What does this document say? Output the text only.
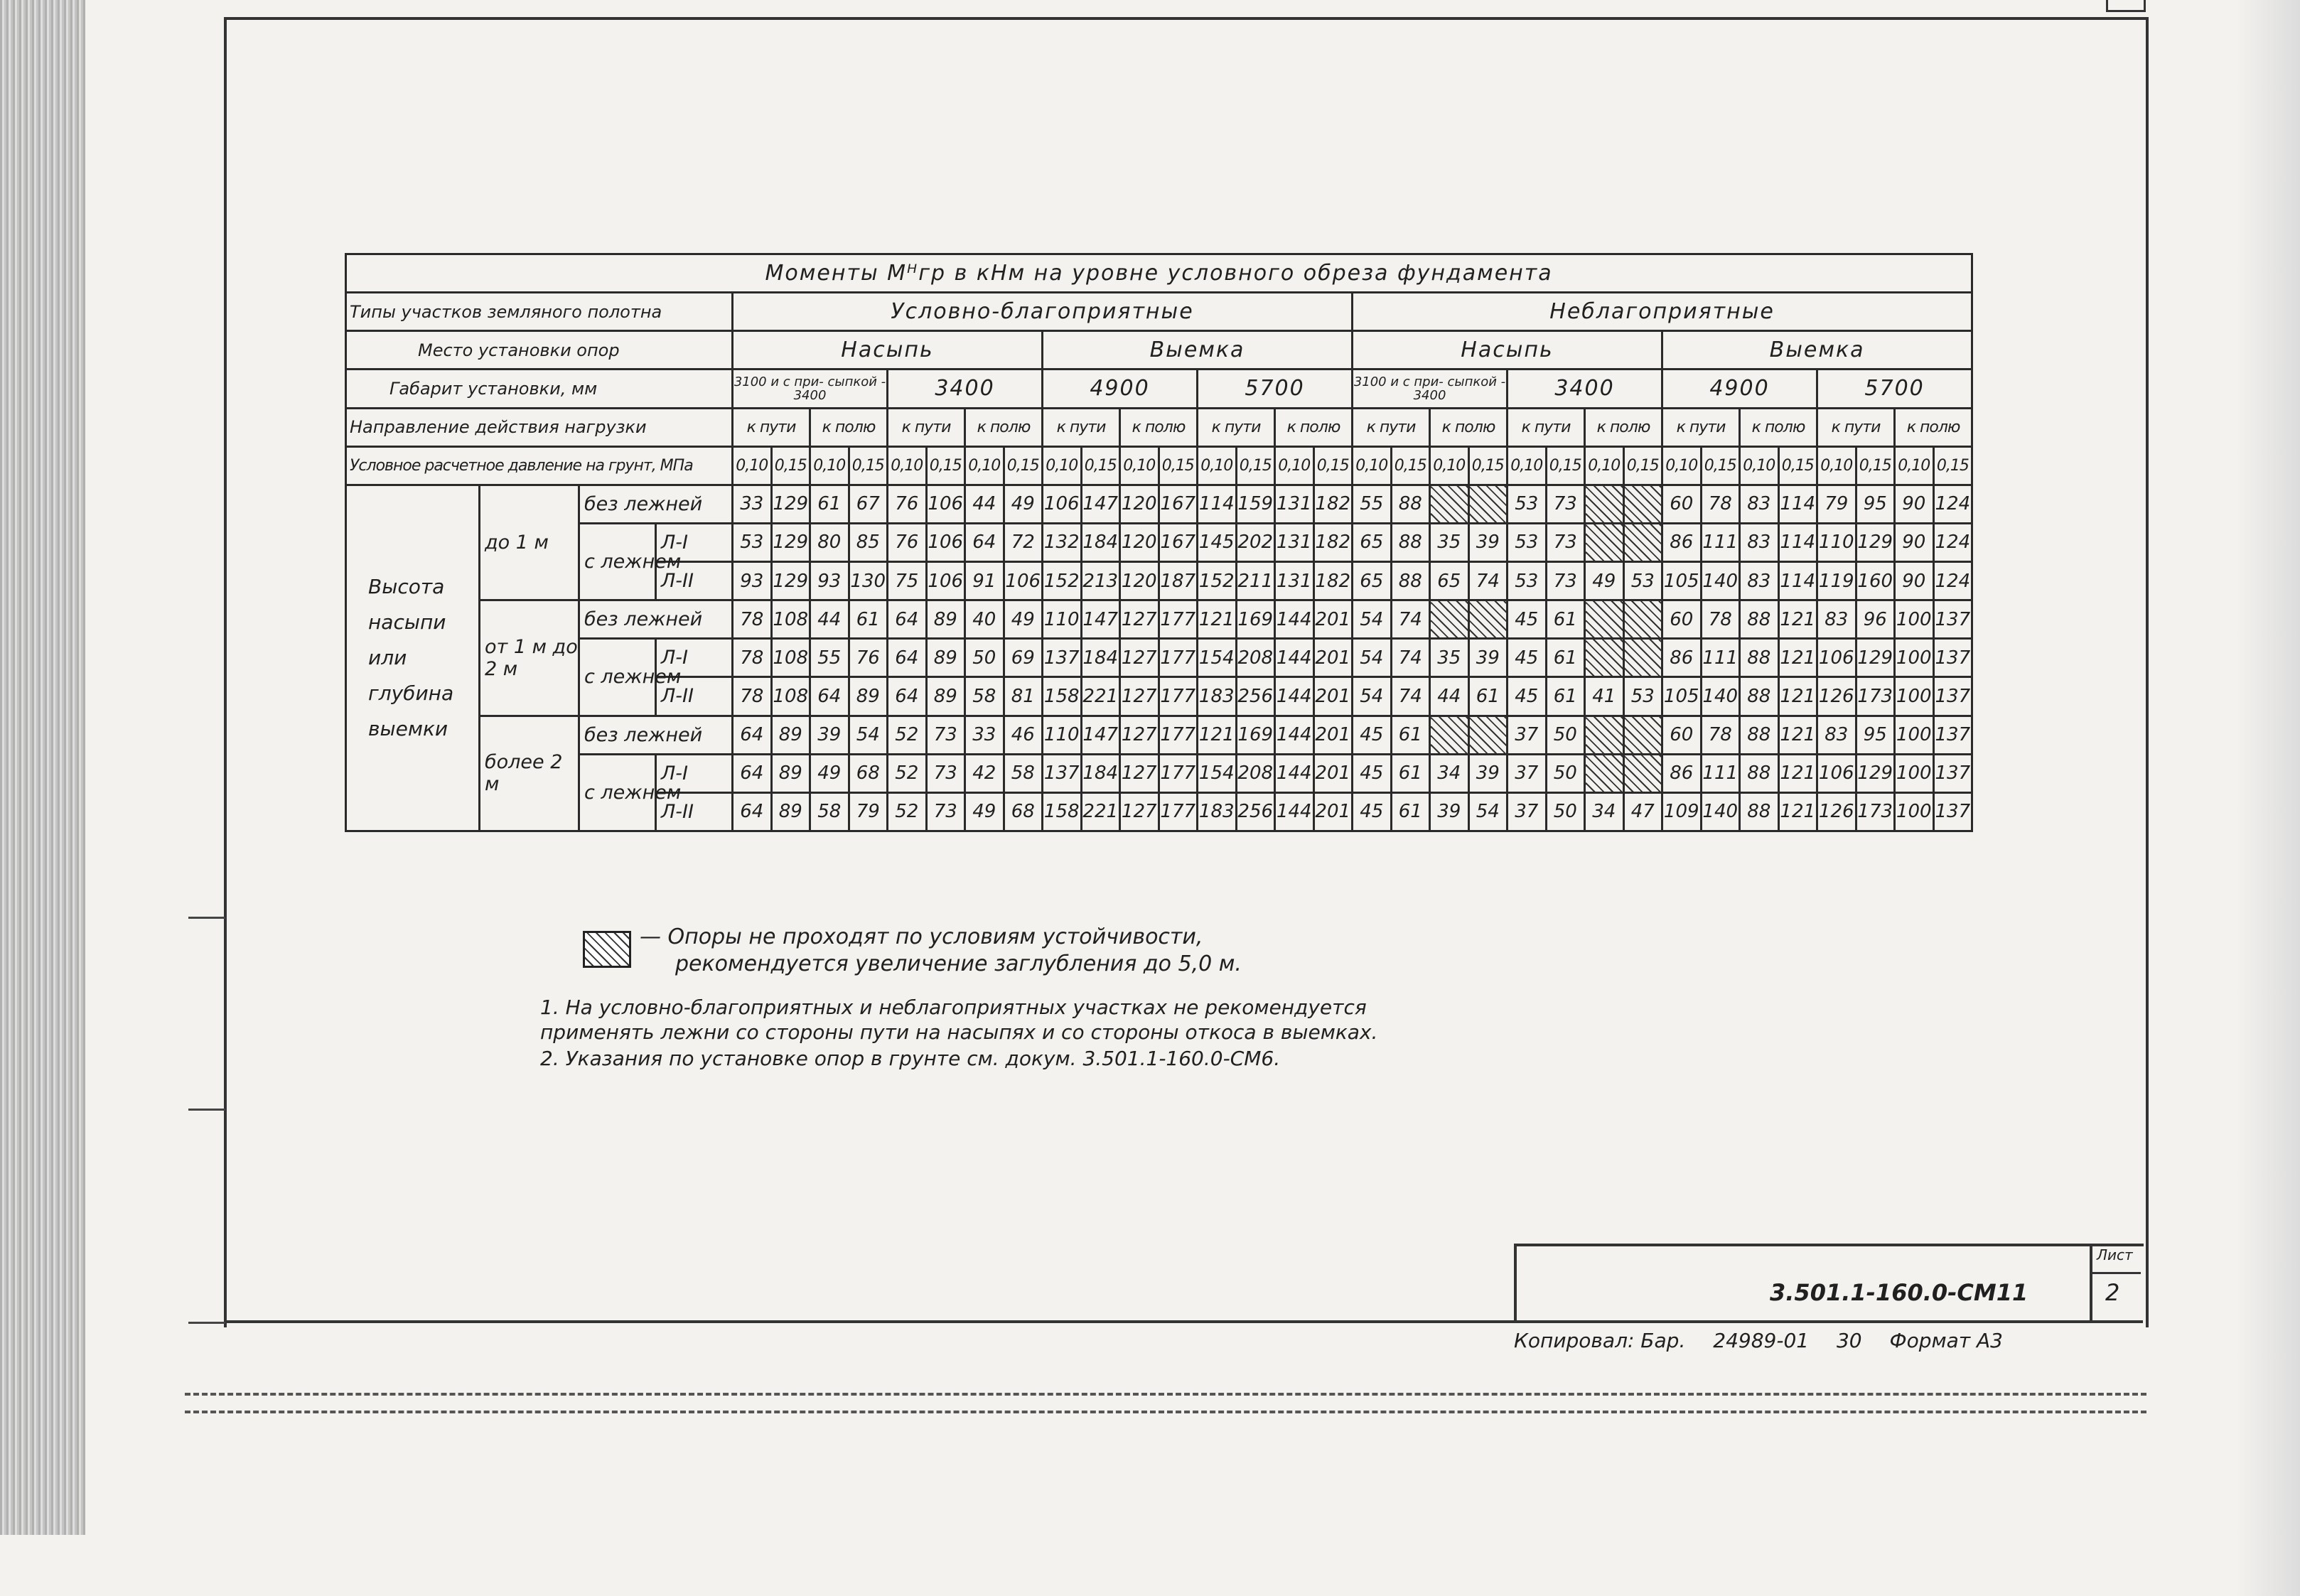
Моменты Mᴴгр в кНм на уровне условного обреза фундамента																																			
Типы участков земляного полотна				Условно-благоприятные																Неблагоприятные															
Место установки опор				Насыпь								Выемка								Насыпь								Выемка							
Габарит установки, мм				3100 и с при- сыпкой - 3400				3400				4900				5700				3100 и с при- сыпкой - 3400				3400				4900				5700			
Направление действия нагрузки				к пути		к полю		к пути		к полю		к пути		к полю		к пути		к полю		к пути		к полю		к пути		к полю		к пути		к полю		к пути		к полю	
Условное расчетное давление на грунт, МПа				0,10	0,15	0,10	0,15	0,10	0,15	0,10	0,15	0,10	0,15	0,10	0,15	0,10	0,15	0,10	0,15	0,10	0,15	0,10	0,15	0,10	0,15	0,10	0,15	0,10	0,15	0,10	0,15	0,10	0,15	0,10	0,15
Высота насыпи или глубина выемки	до 1 м	без лежней		33	129	61	67	76	106	44	49	106	147	120	167	114	159	131	182	55	88			53	73			60	78	83	114	79	95	90	124
		с лежнем	Л-I	53	129	80	85	76	106	64	72	132	184	120	167	145	202	131	182	65	88	35	39	53	73			86	111	83	114	110	129	90	124
			Л-II	93	129	93	130	75	106	91	106	152	213	120	187	152	211	131	182	65	88	65	74	53	73	49	53	105	140	83	114	119	160	90	124
	от 1 м до 2 м	без лежней		78	108	44	61	64	89	40	49	110	147	127	177	121	169	144	201	54	74			45	61			60	78	88	121	83	96	100	137
		с лежнем	Л-I	78	108	55	76	64	89	50	69	137	184	127	177	154	208	144	201	54	74	35	39	45	61			86	111	88	121	106	129	100	137
			Л-II	78	108	64	89	64	89	58	81	158	221	127	177	183	256	144	201	54	74	44	61	45	61	41	53	105	140	88	121	126	173	100	137
	более 2 м	без лежней		64	89	39	54	52	73	33	46	110	147	127	177	121	169	144	201	45	61			37	50			60	78	88	121	83	95	100	137
		с лежнем	Л-I	64	89	49	68	52	73	42	58	137	184	127	177	154	208	144	201	45	61	34	39	37	50			86	111	88	121	106	129	100	137
			Л-II	64	89	58	79	52	73	49	68	158	221	127	177	183	256	144	201	45	61	39	54	37	50	34	47	109	140	88	121	126	173	100	137
— Опоры не проходят по условиям устойчивости,
рекомендуется увеличение заглубления до 5,0 м.

1. На условно-благоприятных и неблагоприятных участках не рекомендуется применять лежни со стороны пути на насыпях и со стороны откоса в выемках.

2. Указания по установке опор в грунте см. докум. 3.501.1-160.0-СМ6.

3.501.1-160.0-СМ11
Лист
2
Копировал: Бар. 24989-01 30 Формат А3
